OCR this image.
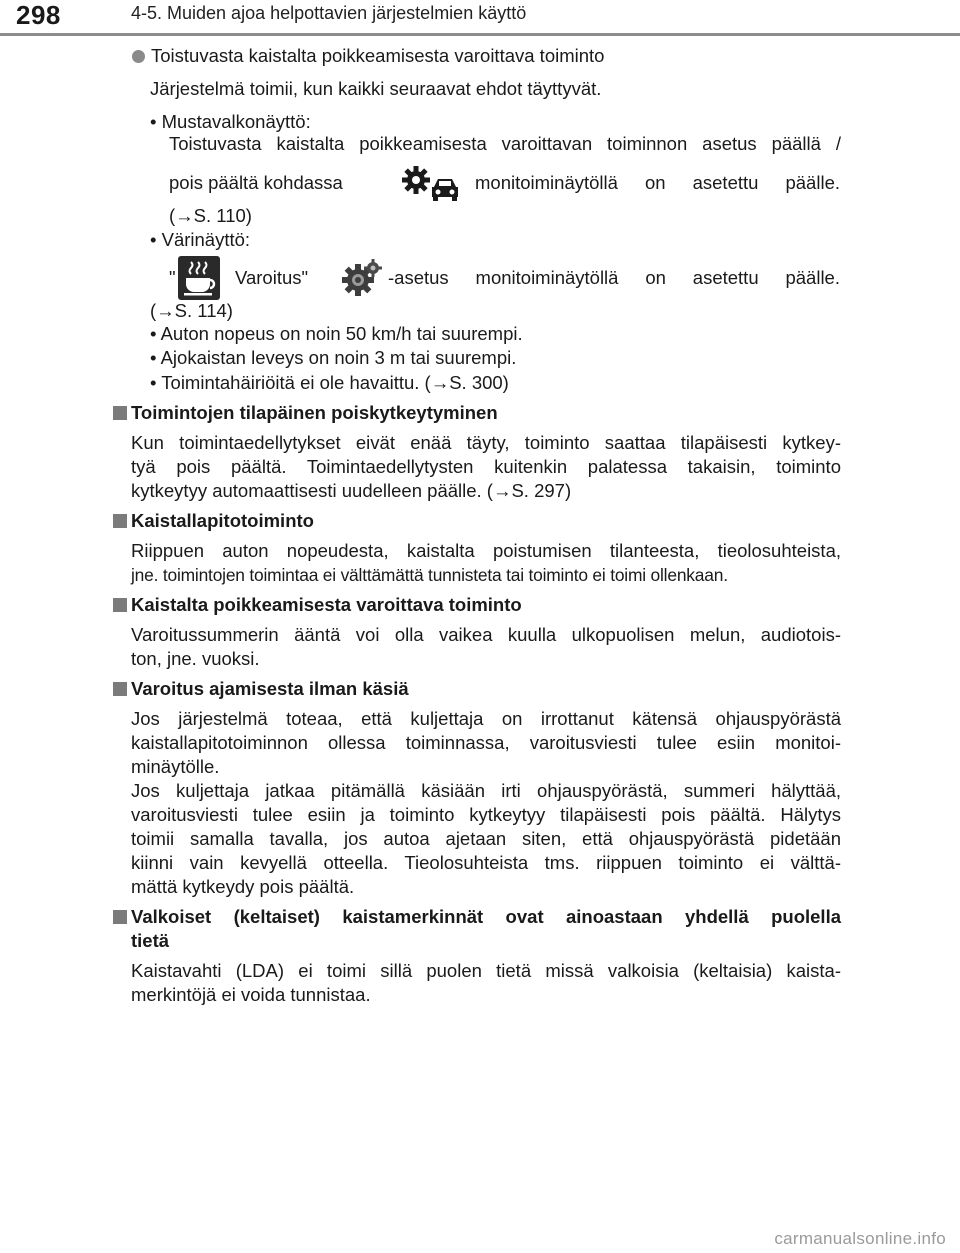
298	4-5. Muiden ajoa helpottavien järjestelmien käyttö
Toistuvasta kaistalta poikkeamisesta varoittava toiminto
Järjestelmä toimii, kun kaikki seuraavat ehdot täyttyvät.
• Mustavalkonäyttö:
Toistuvasta kaistalta poikkeamisesta varoittavan toiminnon asetus päällä /
pois päältä kohdassa	monitoiminäytöllä on asetettu päälle.
(→S. 110)
• Värinäyttö:
"	Varoitus"	-asetus monitoiminäytöllä on asetettu päälle.
(→S. 114)
• Auton nopeus on noin 50 km/h tai suurempi.
• Ajokaistan leveys on noin 3 m tai suurempi.
• Toimintahäiriöitä ei ole havaittu. (→S. 300)
Toimintojen tilapäinen poiskytkeytyminen
Kun toimintaedellytykset eivät enää täyty, toiminto saattaa tilapäisesti kytkey-
tyä pois päältä. Toimintaedellytysten kuitenkin palatessa takaisin, toiminto
kytkeytyy automaattisesti uudelleen päälle. (→S. 297)
Kaistallapitotoiminto
Riippuen auton nopeudesta, kaistalta poistumisen tilanteesta, tieolosuhteista,
jne. toimintojen toimintaa ei välttämättä tunnisteta tai toiminto ei toimi ollenkaan.
Kaistalta poikkeamisesta varoittava toiminto
Varoitussummerin ääntä voi olla vaikea kuulla ulkopuolisen melun, audiotois-
ton, jne. vuoksi.
Varoitus ajamisesta ilman käsiä
Jos järjestelmä toteaa, että kuljettaja on irrottanut kätensä ohjauspyörästä
kaistallapitotoiminnon ollessa toiminnassa, varoitusviesti tulee esiin monitoi-
minäytölle.
Jos kuljettaja jatkaa pitämällä käsiään irti ohjauspyörästä, summeri hälyttää,
varoitusviesti tulee esiin ja toiminto kytkeytyy tilapäisesti pois päältä. Hälytys
toimii samalla tavalla, jos autoa ajetaan siten, että ohjauspyörästä pidetään
kiinni vain kevyellä otteella. Tieolosuhteista tms. riippuen toiminto ei välttä-
mättä kytkeydy pois päältä.
Valkoiset (keltaiset) kaistamerkinnät ovat ainoastaan yhdellä puolella
tietä
Kaistavahti (LDA) ei toimi sillä puolen tietä missä valkoisia (keltaisia) kaista-
merkintöjä ei voida tunnistaa.
carmanualsonline.info
